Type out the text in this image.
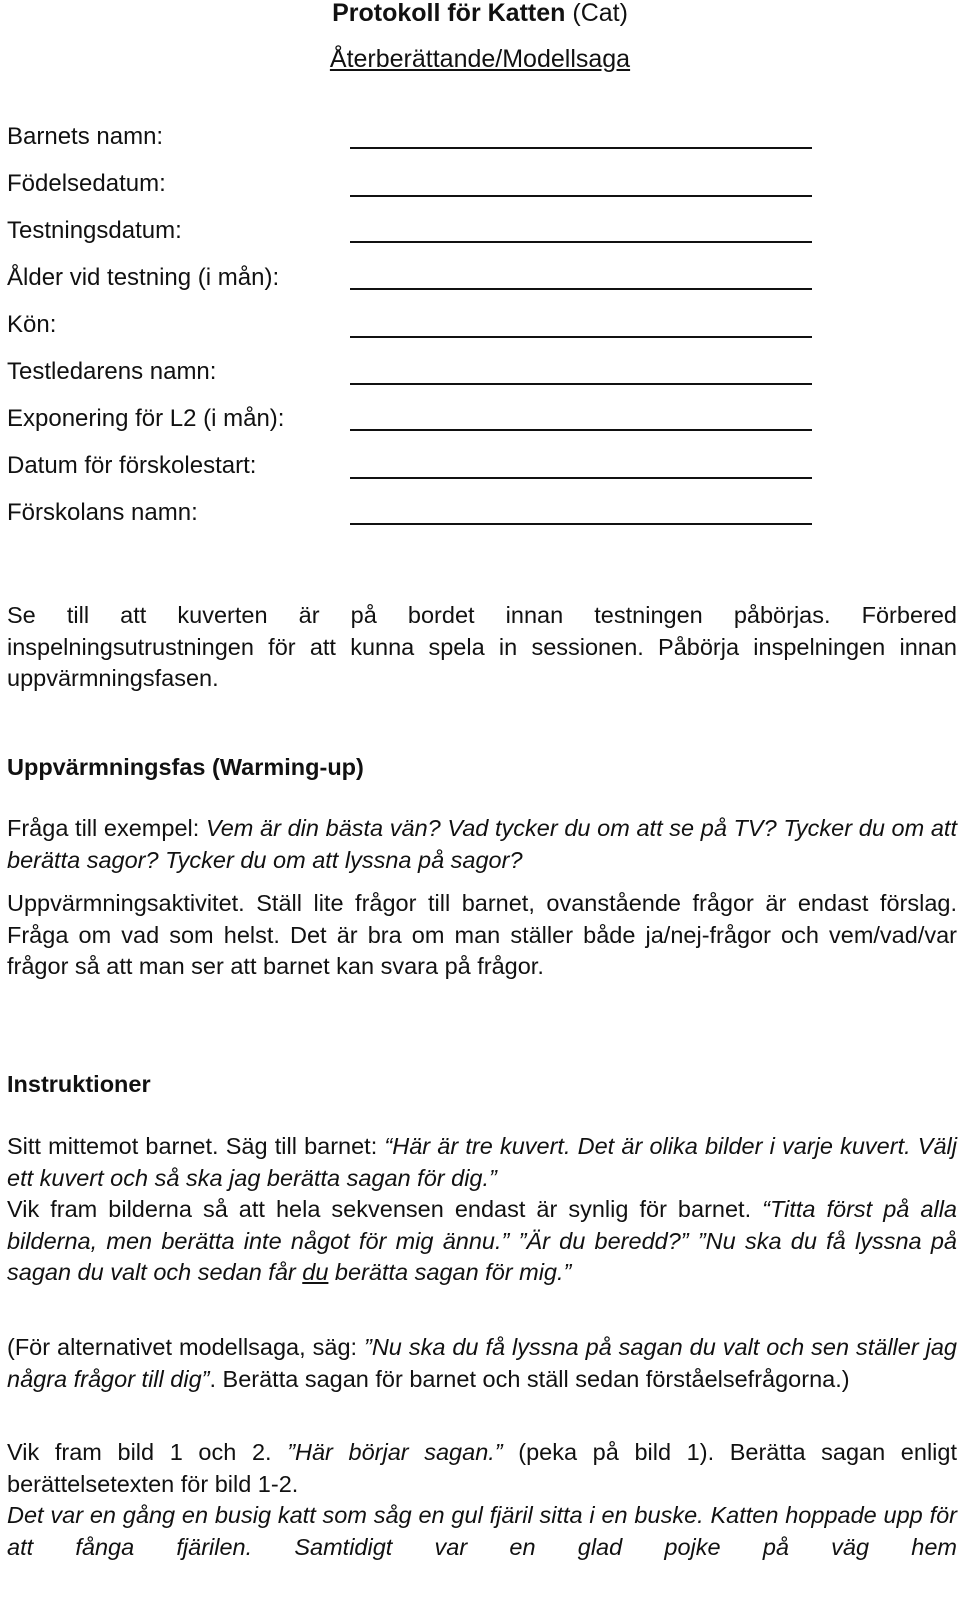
Protokoll för Katten (Cat)
Återberättande/Modellsaga
Barnets namn:
Födelsedatum:
Testningsdatum:
Ålder vid testning (i mån):
Kön:
Testledarens namn:
Exponering för L2 (i mån):
Datum för förskolestart:
Förskolans namn:

Se till att kuverten är på bordet innan testningen påbörjas. Förbered inspelningsutrustningen för att kunna spela in sessionen. Påbörja inspelningen innan uppvärmningsfasen.

Uppvärmningsfas (Warming-up)

Fråga till exempel: Vem är din bästa vän? Vad tycker du om att se på TV? Tycker du om att berätta sagor? Tycker du om att lyssna på sagor?

Uppvärmningsaktivitet. Ställ lite frågor till barnet, ovanstående frågor är endast förslag. Fråga om vad som helst. Det är bra om man ställer både ja/nej-frågor och vem/vad/var frågor så att man ser att barnet kan svara på frågor.

Instruktioner

Sitt mittemot barnet. Säg till barnet: “Här är tre kuvert. Det är olika bilder i varje kuvert. Välj ett kuvert och så ska jag berätta sagan för dig.”

Vik fram bilderna så att hela sekvensen endast är synlig för barnet. “Titta först på alla bilderna, men berätta inte något för mig ännu.” ”Är du beredd?” ”Nu ska du få lyssna på sagan du valt och sedan får du berätta sagan för mig.”

(För alternativet modellsaga, säg: ”Nu ska du få lyssna på sagan du valt och sen ställer jag några frågor till dig”. Berätta sagan för barnet och ställ sedan förståelsefrågorna.)

Vik fram bild 1 och 2. ”Här börjar sagan.” (peka på bild 1). Berätta sagan enligt berättelsetexten för bild 1-2.

Det var en gång en busig katt som såg en gul fjäril sitta i en buske. Katten hoppade upp för att fånga fjärilen. Samtidigt var en glad pojke på väg hem
